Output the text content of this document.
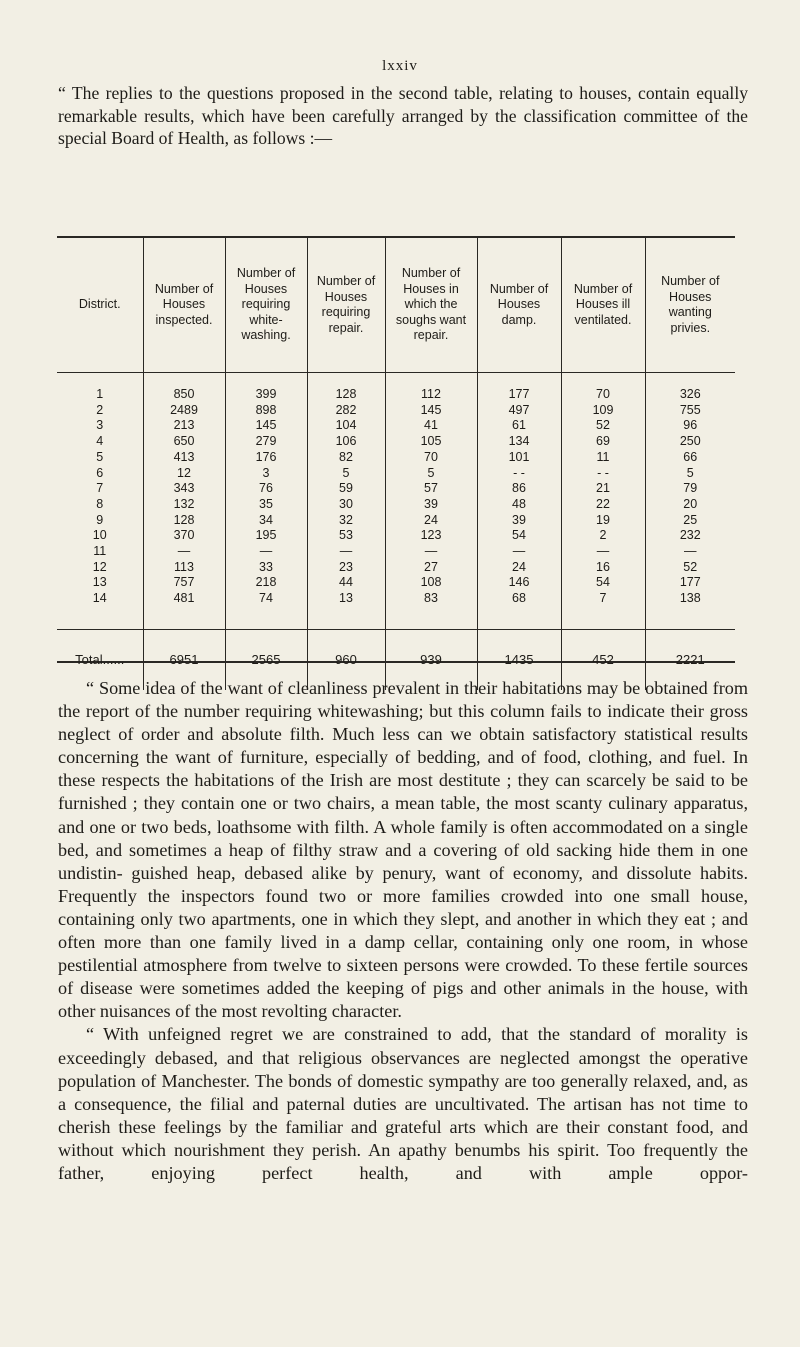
lxxiv
“ The replies to the questions proposed in the second table, relating to houses, contain equally remarkable results, which have been carefully arranged by the classification committee of the special Board of Health, as follows :—
District.	Number of Houses inspected.	Number of Houses requiring white-washing.	Number of Houses requiring repair.	Number of Houses in which the soughs want repair.	Number of Houses damp.	Number of Houses ill ventilated.	Number of Houses wanting privies.

1	850	399	128	112	177	70	326
2	2489	898	282	145	497	109	755
3	213	145	104	41	61	52	96
4	650	279	106	105	134	69	250
5	413	176	82	70	101	11	66
6	12	3	5	5	- -	- -	5
7	343	76	59	57	86	21	79
8	132	35	30	39	48	22	20
9	128	34	32	24	39	19	25
10	370	195	53	123	54	2	232
11	—	—	—	—	—	—	—
12	113	33	23	27	24	16	52
13	757	218	44	108	146	54	177
14	481	74	13	83	68	7	138

Total......	6951	2565	960	939	1435	452	2221

“ Some idea of the want of cleanliness prevalent in their habitations may be obtained from the report of the number requiring whitewashing; but this column fails to indicate their gross neglect of order and absolute filth. Much less can we obtain satisfactory statistical results concerning the want of furniture, especially of bedding, and of food, clothing, and fuel. In these respects the habitations of the Irish are most destitute ; they can scarcely be said to be furnished ; they contain one or two chairs, a mean table, the most scanty culinary apparatus, and one or two beds, loathsome with filth. A whole family is often accommodated on a single bed, and sometimes a heap of filthy straw and a covering of old sacking hide them in one undistin- guished heap, debased alike by penury, want of economy, and dissolute habits. Frequently the inspectors found two or more families crowded into one small house, containing only two apartments, one in which they slept, and another in which they eat ; and often more than one family lived in a damp cellar, containing only one room, in whose pestilential atmosphere from twelve to sixteen persons were crowded. To these fertile sources of disease were sometimes added the keeping of pigs and other animals in the house, with other nuisances of the most revolting character.

“ With unfeigned regret we are constrained to add, that the standard of morality is exceedingly debased, and that religious observances are neglected amongst the operative population of Manchester. The bonds of domestic sympathy are too generally relaxed, and, as a consequence, the filial and paternal duties are uncultivated. The artisan has not time to cherish these feelings by the familiar and grateful arts which are their constant food, and without which nourishment they perish. An apathy benumbs his spirit. Too frequently the father, enjoying perfect health, and with ample oppor-
